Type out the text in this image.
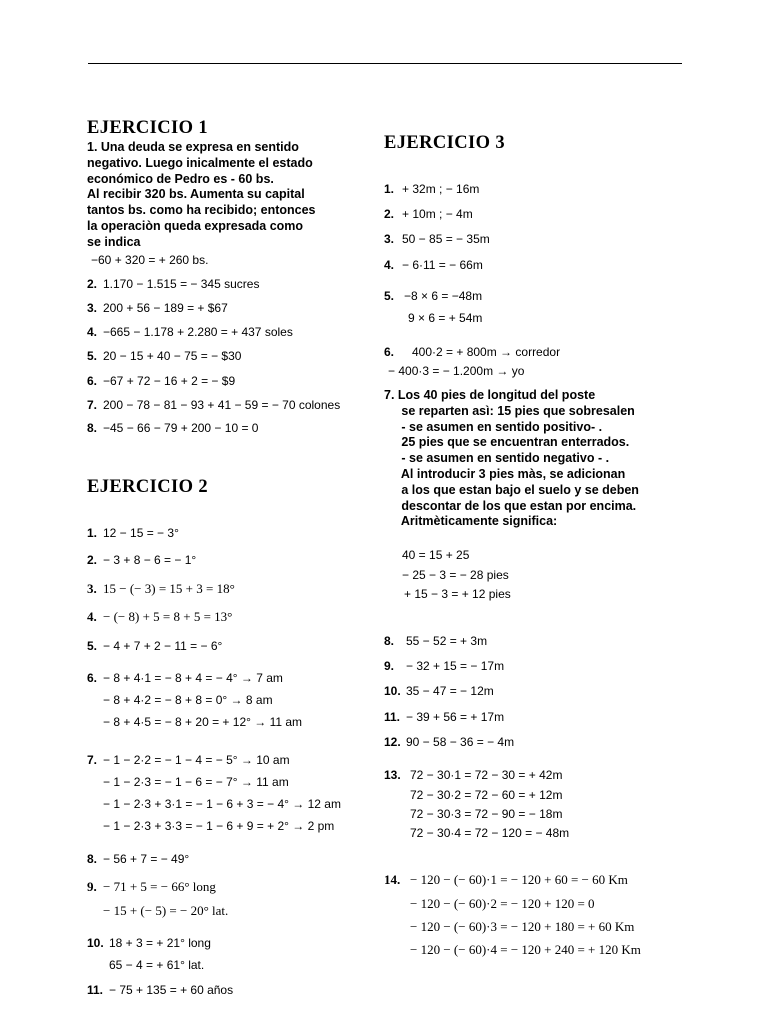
EJERCICIO 1

1. Una deuda se expresa en sentido
negativo. Luego inicalmente el estado
económico de Pedro es - 60 bs.
Al recibir 320 bs. Aumenta su capital
tantos bs. como ha recibido; entonces
la operaciòn queda expresada como
se indica

−60 + 320 = + 260 bs.
2. 1.170 − 1.515 = − 345 sucres
3. 200 + 56 − 189 = + $67
4. −665 − 1.178 + 2.280 = + 437 soles
5. 20 − 15 + 40 − 75 = − $30
6. −67 + 72 − 16 + 2 = − $9
7. 200 − 78 − 81 − 93 + 41 − 59 = − 70 colones
8. −45 − 66 − 79 + 200 − 10 = 0
EJERCICIO 2
1. 12 − 15 = − 3°
2. − 3 + 8 − 6 = − 1°
3. 15 − (− 3) = 15 + 3 = 18°
4. − (− 8) + 5 = 8 + 5 = 13°
5. − 4 + 7 + 2 − 11 = − 6°
6. − 8 + 4·1 = − 8 + 4 = − 4° → 7 am
− 8 + 4·2 = − 8 + 8 = 0° → 8 am
− 8 + 4·5 = − 8 + 20 = + 12° → 11 am
7. − 1 − 2·2 = − 1 − 4 = − 5° → 10 am
− 1 − 2·3 = − 1 − 6 = − 7° → 11 am
− 1 − 2·3 + 3·1 = − 1 − 6 + 3 = − 4° → 12 am
− 1 − 2·3 + 3·3 = − 1 − 6 + 9 = + 2° → 2 pm
8. − 56 + 7 = − 49°
9. − 71 + 5 = − 66° long
− 15 + (− 5) = − 20° lat.
10. 18 + 3 = + 21° long
65 − 4 = + 61° lat.
11. − 75 + 135 = + 60 años
EJERCICIO 3
1. + 32m ; − 16m
2. + 10m ; − 4m
3. 50 − 85 = − 35m
4. − 6·11 = − 66m
5. −8 × 6 = −48m
9 × 6 = + 54m
6. 400·2 = + 800m → corredor
− 400·3 = − 1.200m → yo

7. Los 40 pies de longitud del poste
se reparten asì: 15 pies que sobresalen
- se asumen en sentido positivo- .
25 pies que se encuentran enterrados.
- se asumen en sentido negativo - .
Al introducir 3 pies màs, se adicionan
a los que estan bajo el suelo y se deben
descontar de los que estan por encima.
Aritmèticamente significa:

40 = 15 + 25
− 25 − 3 = − 28 pies
+ 15 − 3 = + 12 pies
8. 55 − 52 = + 3m
9. − 32 + 15 = − 17m
10. 35 − 47 = − 12m
11. − 39 + 56 = + 17m
12. 90 − 58 − 36 = − 4m
13. 72 − 30·1 = 72 − 30 = + 42m
72 − 30·2 = 72 − 60 = + 12m
72 − 30·3 = 72 − 90 = − 18m
72 − 30·4 = 72 − 120 = − 48m
14. − 120 − (− 60)·1 = − 120 + 60 = − 60 Km
− 120 − (− 60)·2 = − 120 + 120 = 0
− 120 − (− 60)·3 = − 120 + 180 = + 60 Km
− 120 − (− 60)·4 = − 120 + 240 = + 120 Km
